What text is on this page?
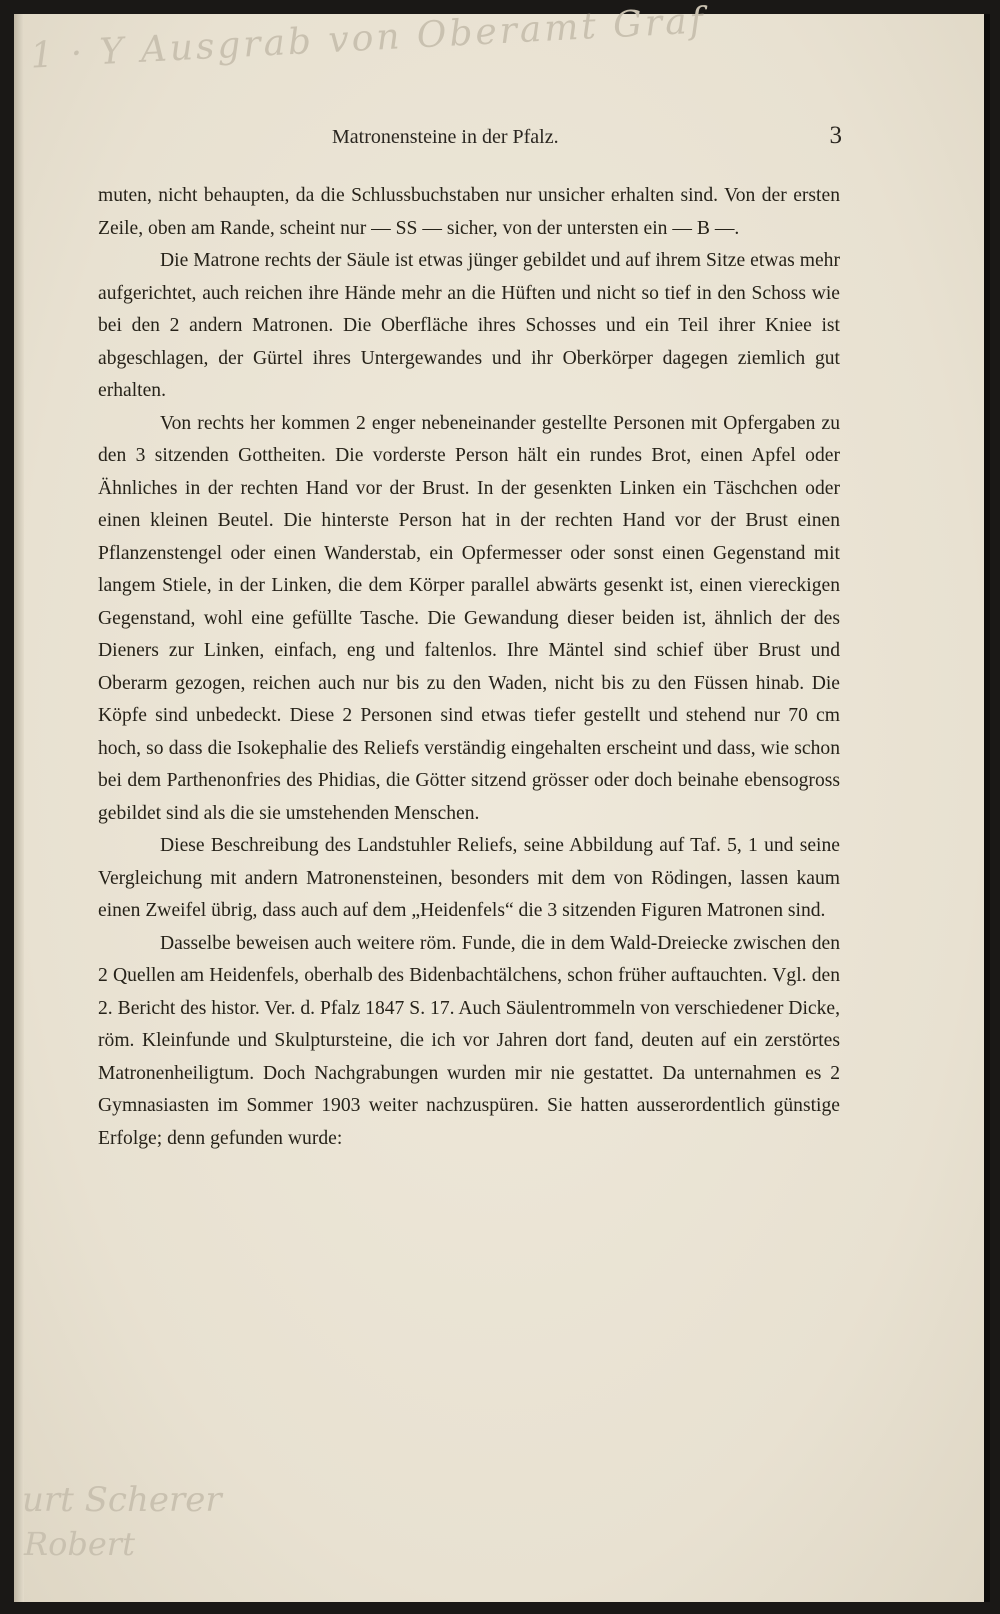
1 · Y Ausgrab von Oberamt Graf
urt Scherer
Robert
Matronensteine in der Pfalz.	3

muten, nicht behaupten, da die Schlussbuchstaben nur unsicher erhalten sind. Von der ersten Zeile, oben am Rande, scheint nur — SS — sicher, von der untersten ein — B —.

Die Matrone rechts der Säule ist etwas jünger gebildet und auf ihrem Sitze etwas mehr aufgerichtet, auch reichen ihre Hände mehr an die Hüften und nicht so tief in den Schoss wie bei den 2 andern Matronen. Die Oberfläche ihres Schosses und ein Teil ihrer Kniee ist abgeschlagen, der Gürtel ihres Untergewandes und ihr Oberkörper dagegen ziemlich gut erhalten.

Von rechts her kommen 2 enger nebeneinander gestellte Personen mit Opfergaben zu den 3 sitzenden Gottheiten. Die vorderste Person hält ein rundes Brot, einen Apfel oder Ähnliches in der rechten Hand vor der Brust. In der gesenkten Linken ein Täschchen oder einen kleinen Beutel. Die hinterste Person hat in der rechten Hand vor der Brust einen Pflanzenstengel oder einen Wanderstab, ein Opfermesser oder sonst einen Gegenstand mit langem Stiele, in der Linken, die dem Körper parallel abwärts gesenkt ist, einen viereckigen Gegenstand, wohl eine gefüllte Tasche. Die Gewandung dieser beiden ist, ähnlich der des Dieners zur Linken, einfach, eng und faltenlos. Ihre Mäntel sind schief über Brust und Oberarm gezogen, reichen auch nur bis zu den Waden, nicht bis zu den Füssen hinab. Die Köpfe sind unbedeckt. Diese 2 Personen sind etwas tiefer gestellt und stehend nur 70 cm hoch, so dass die Isokephalie des Reliefs verständig eingehalten erscheint und dass, wie schon bei dem Parthenonfries des Phidias, die Götter sitzend grösser oder doch beinahe ebensogross gebildet sind als die sie umstehenden Menschen.

Diese Beschreibung des Landstuhler Reliefs, seine Abbildung auf Taf. 5, 1 und seine Vergleichung mit andern Matronensteinen, besonders mit dem von Rödingen, lassen kaum einen Zweifel übrig, dass auch auf dem „Heidenfels“ die 3 sitzenden Figuren Matronen sind.

Dasselbe beweisen auch weitere röm. Funde, die in dem Wald-Dreiecke zwischen den 2 Quellen am Heidenfels, oberhalb des Bidenbachtälchens, schon früher auftauchten. Vgl. den 2. Bericht des histor. Ver. d. Pfalz 1847 S. 17. Auch Säulentrommeln von verschiedener Dicke, röm. Kleinfunde und Skulptursteine, die ich vor Jahren dort fand, deuten auf ein zerstörtes Matronenheiligtum. Doch Nachgrabungen wurden mir nie gestattet. Da unternahmen es 2 Gymnasiasten im Sommer 1903 weiter nachzuspüren. Sie hatten ausserordentlich günstige Erfolge; denn gefunden wurde:
